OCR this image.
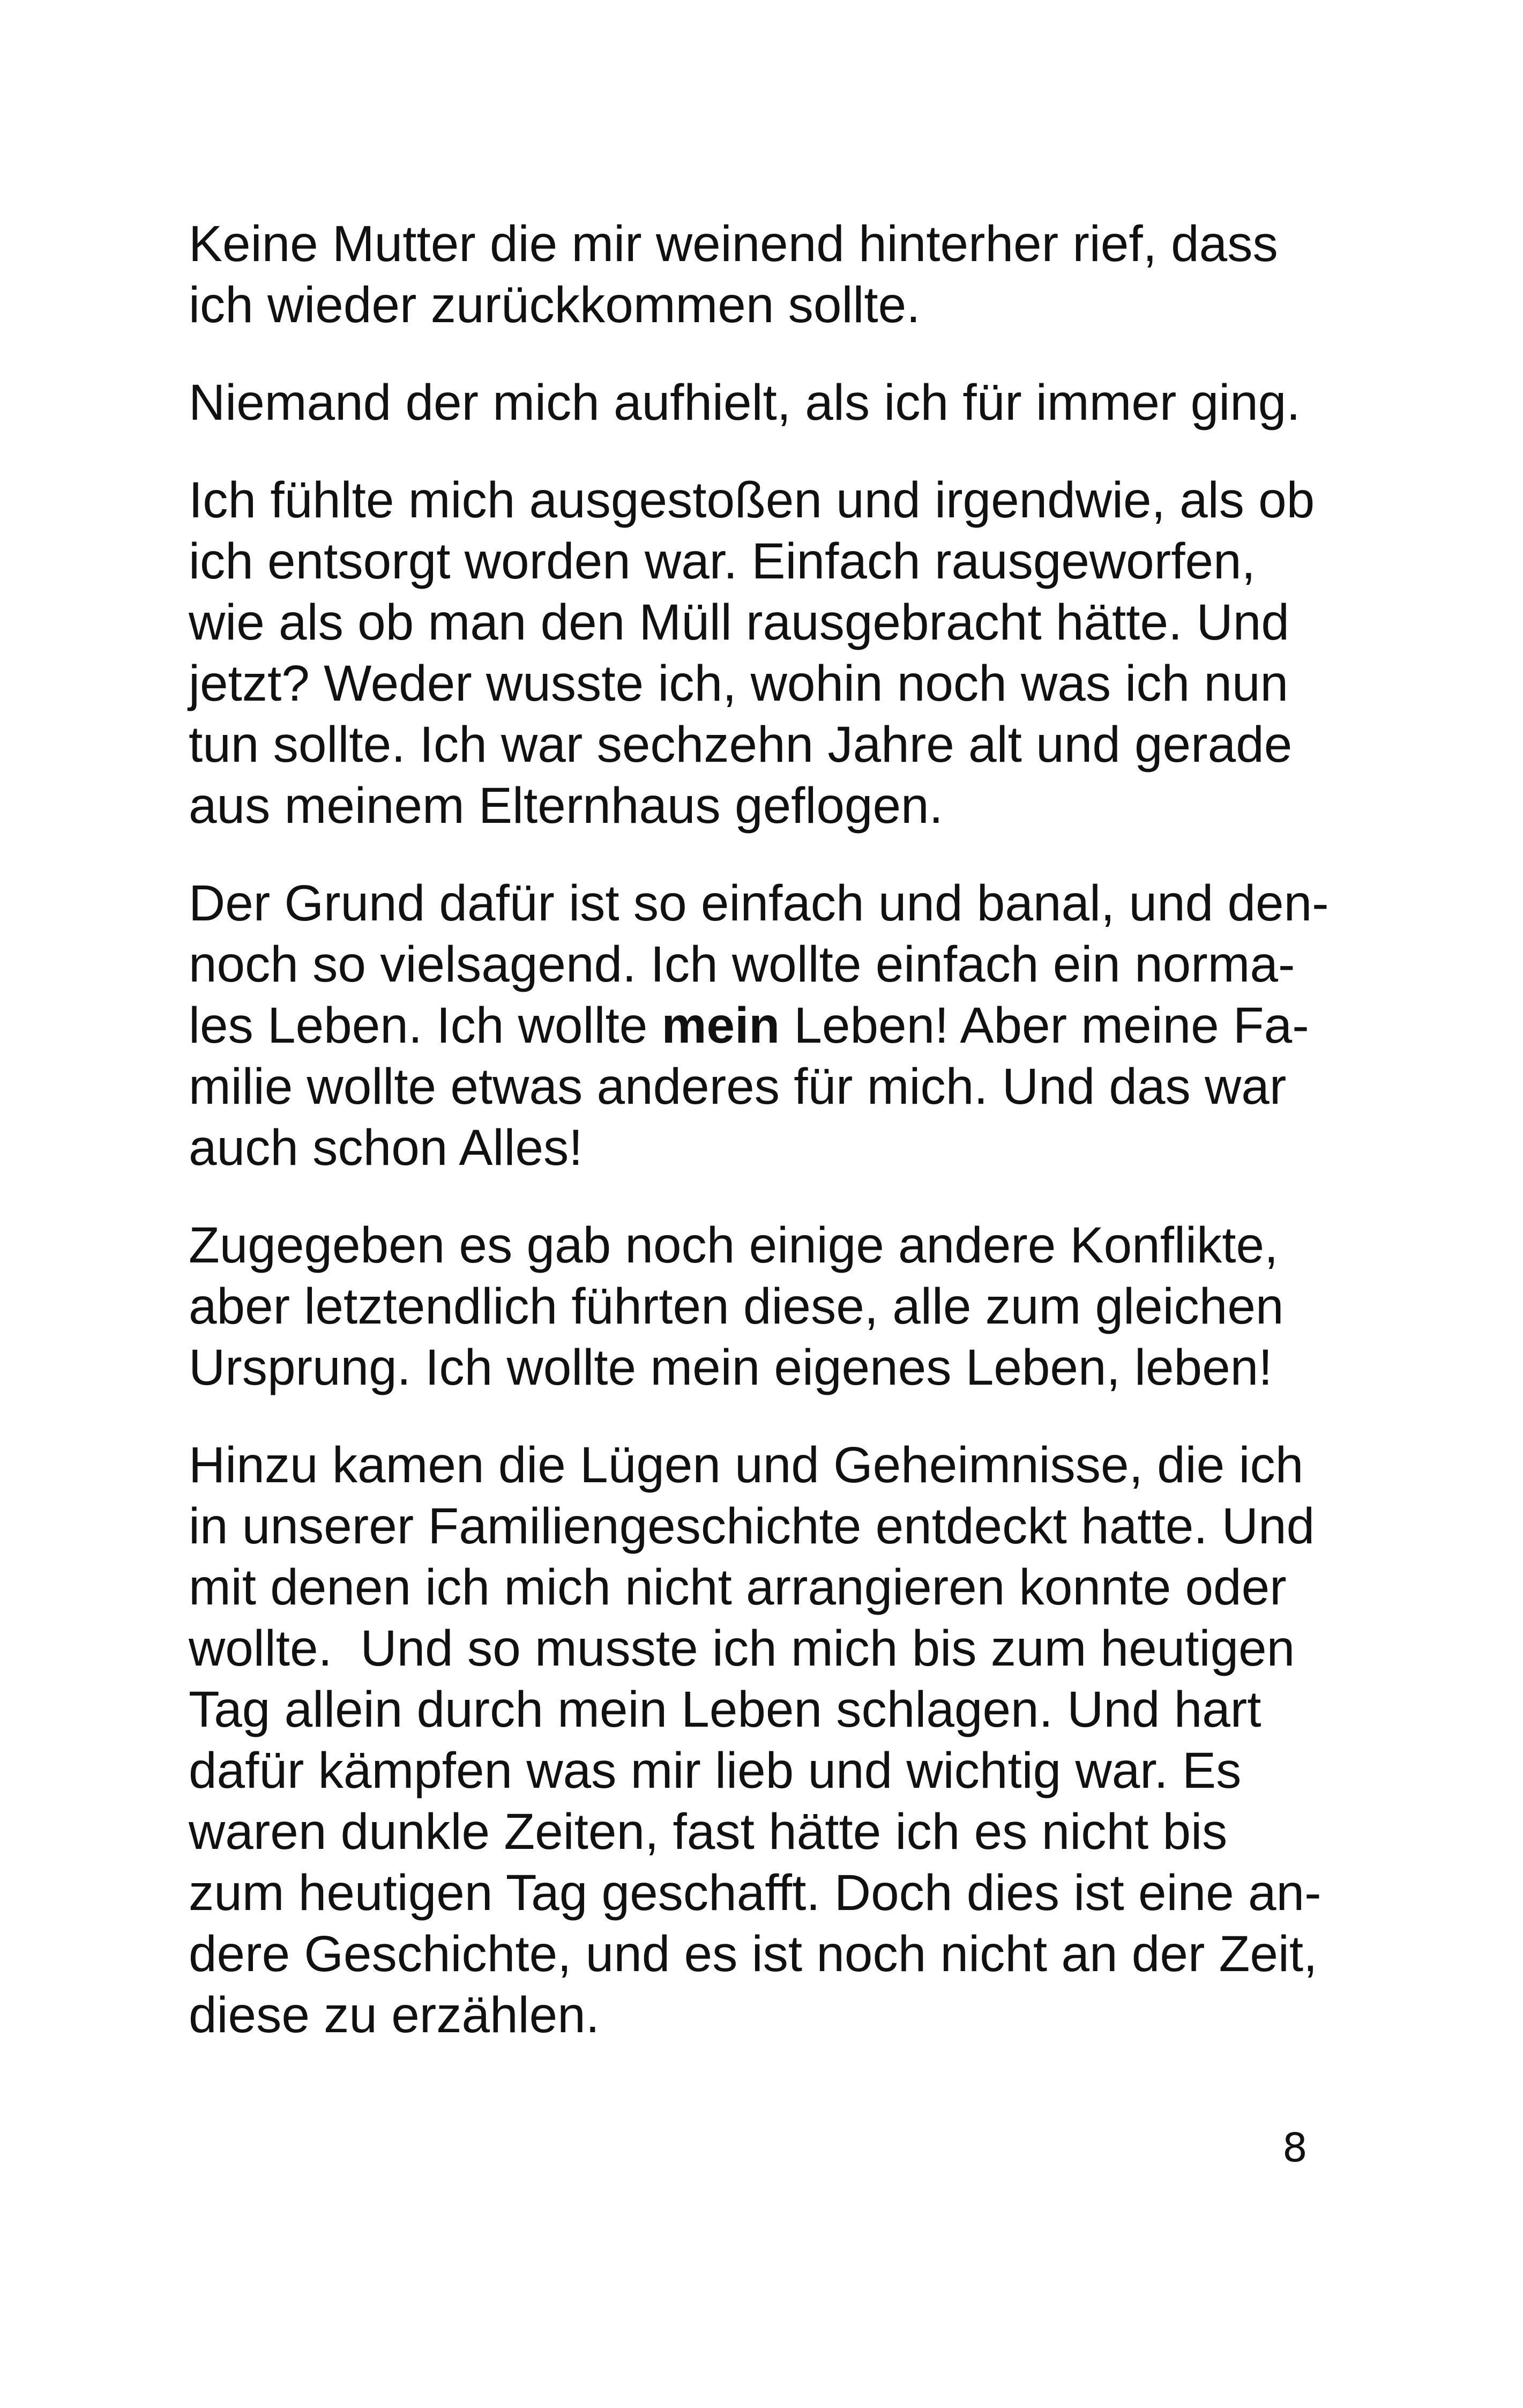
Keine Mutter die mir weinend hinterher rief, dass
ich wieder zurückkommen sollte.

Niemand der mich aufhielt, als ich für immer ging.

Ich fühlte mich ausgestoßen und irgendwie, als ob
ich entsorgt worden war. Einfach rausgeworfen,
wie als ob man den Müll rausgebracht hätte. Und
jetzt? Weder wusste ich, wohin noch was ich nun
tun sollte. Ich war sechzehn Jahre alt und gerade
aus meinem Elternhaus geflogen.

Der Grund dafür ist so einfach und banal, und den-
noch so vielsagend. Ich wollte einfach ein norma-
les Leben. Ich wollte mein Leben! Aber meine Fa-
milie wollte etwas anderes für mich. Und das war
auch schon Alles!

Zugegeben es gab noch einige andere Konflikte,
aber letztendlich führten diese, alle zum gleichen
Ursprung. Ich wollte mein eigenes Leben, leben!

Hinzu kamen die Lügen und Geheimnisse, die ich
in unserer Familiengeschichte entdeckt hatte. Und
mit denen ich mich nicht arrangieren konnte oder
wollte.  Und so musste ich mich bis zum heutigen
Tag allein durch mein Leben schlagen. Und hart
dafür kämpfen was mir lieb und wichtig war. Es
waren dunkle Zeiten, fast hätte ich es nicht bis
zum heutigen Tag geschafft. Doch dies ist eine an-
dere Geschichte, und es ist noch nicht an der Zeit,
diese zu erzählen.

8
